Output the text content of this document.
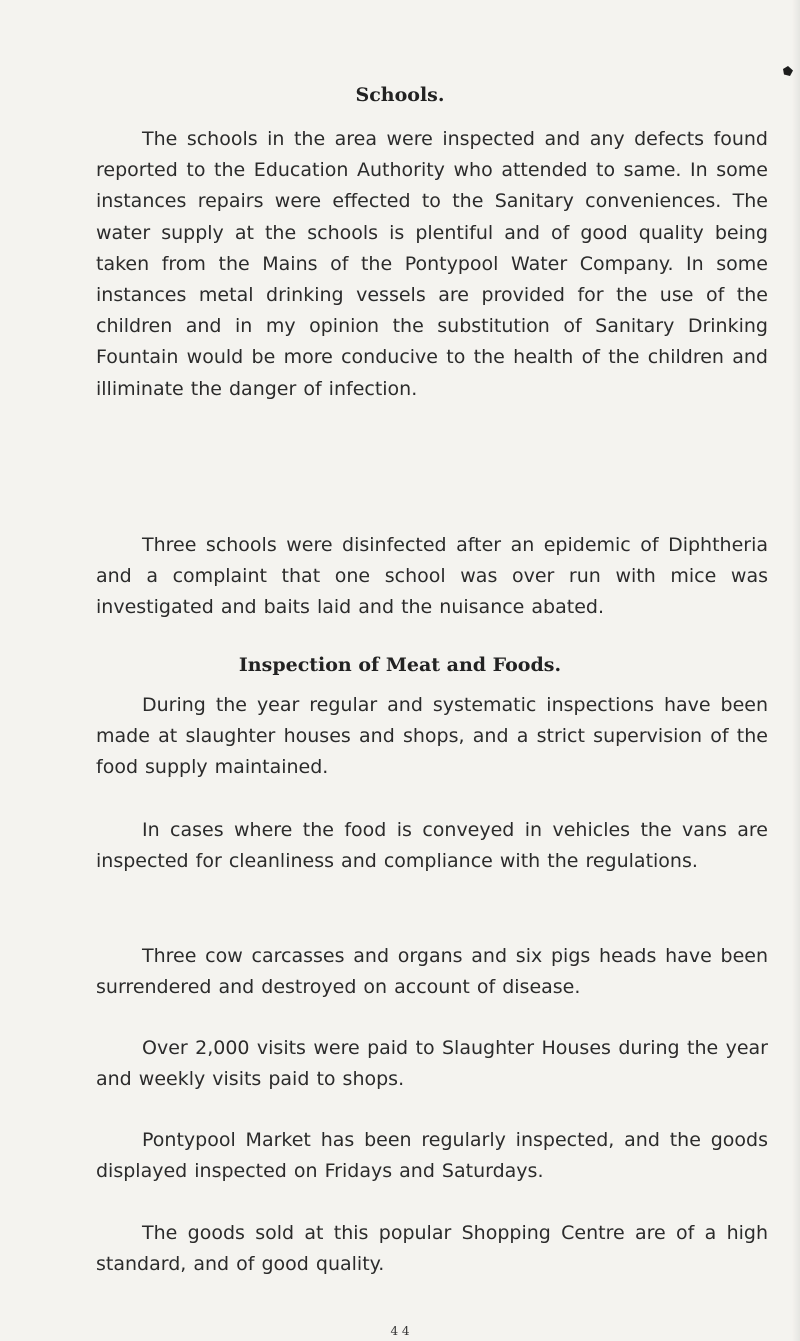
Schools.

The schools in the area were inspected and any defects found reported to the Education Authority who attended to same. In some instances repairs were effected to the Sanitary conveniences. The water supply at the schools is plentiful and of good quality being taken from the Mains of the Pontypool Water Company. In some instances metal drinking vessels are provided for the use of the children and in my opinion the substitution of Sanitary Drinking Fountain would be more conducive to the health of the children and illiminate the danger of infection.

Three schools were disinfected after an epidemic of Diphtheria and a complaint that one school was over run with mice was investigated and baits laid and the nuisance abated.

Inspection of Meat and Foods.

During the year regular and systematic inspections have been made at slaughter houses and shops, and a strict supervision of the food supply maintained.

In cases where the food is conveyed in vehicles the vans are inspected for cleanliness and compliance with the regulations.

Three cow carcasses and organs and six pigs heads have been surrendered and destroyed on account of disease.

Over 2,000 visits were paid to Slaughter Houses during the year and weekly visits paid to shops.

Pontypool Market has been regularly inspected, and the goods displayed inspected on Fridays and Saturdays.

The goods sold at this popular Shopping Centre are of a high standard, and of good quality.

4 4
